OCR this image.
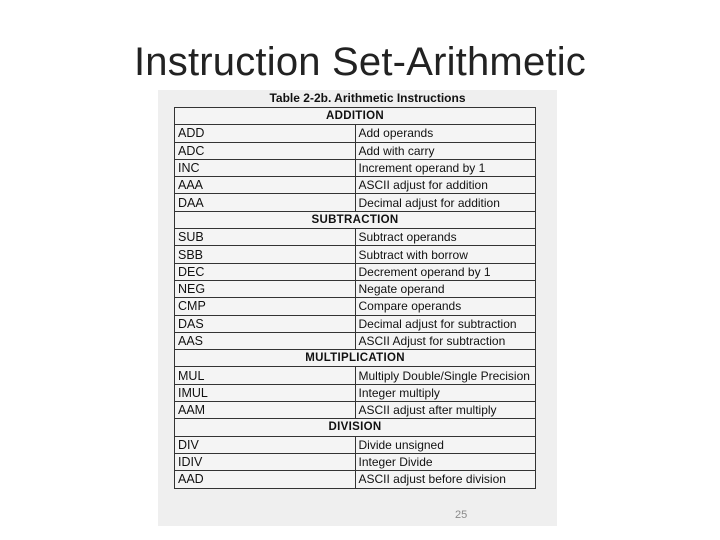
Instruction Set-Arithmetic
Table 2-2b. Arithmetic Instructions
ADDITION	
ADD	Add operands
ADC	Add with carry
INC	Increment operand by 1
AAA	ASCII adjust for addition
DAA	Decimal adjust for addition
SUBTRACTION	
SUB	Subtract operands
SBB	Subtract with borrow
DEC	Decrement operand by 1
NEG	Negate operand
CMP	Compare operands
DAS	Decimal adjust for subtraction
AAS	ASCII Adjust for subtraction
MULTIPLICATION	
MUL	Multiply Double/Single Precision
IMUL	Integer multiply
AAM	ASCII adjust after multiply
DIVISION	
DIV	Divide unsigned
IDIV	Integer Divide
AAD	ASCII adjust before division
25
